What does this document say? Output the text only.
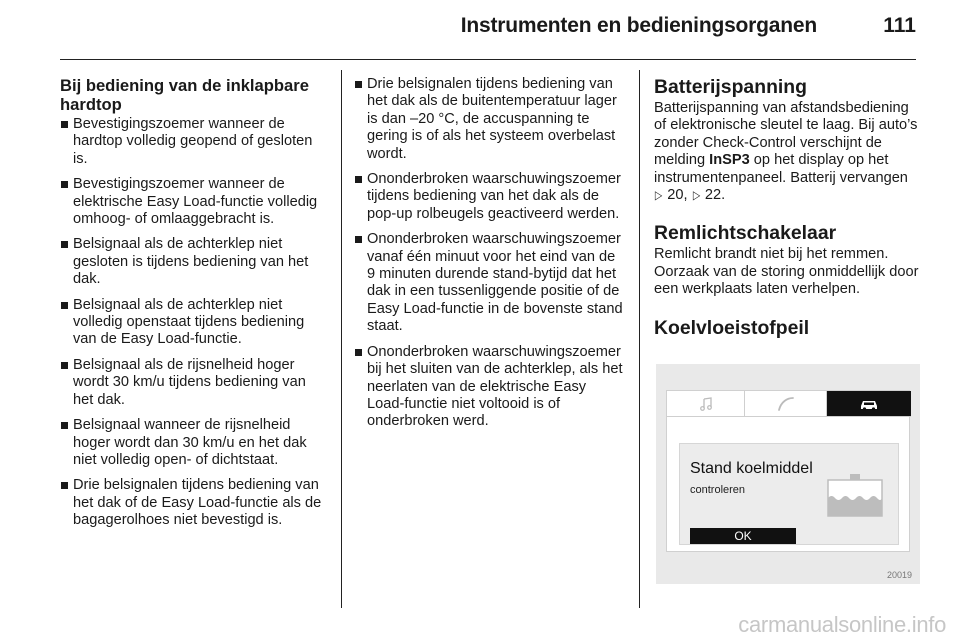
Instrumenten en bedieningsorganen	111
Bij bediening van de inklapbare hardtop
Bevestigingszoemer wanneer de hardtop volledig geopend of gesloten is.
Bevestigingszoemer wanneer de elektrische Easy Load-functie volledig omhoog- of omlaaggebracht is.
Belsignaal als de achterklep niet gesloten is tijdens bediening van het dak.
Belsignaal als de achterklep niet volledig openstaat tijdens bediening van de Easy Load-functie.
Belsignaal als de rijsnelheid hoger wordt 30 km/u tijdens bediening van het dak.
Belsignaal wanneer de rijsnelheid hoger wordt dan 30 km/u en het dak niet volledig open- of dichtstaat.
Drie belsignalen tijdens bediening van het dak of de Easy Load-functie als de bagagerolhoes niet bevestigd is.
Drie belsignalen tijdens bediening van het dak als de buitentemperatuur lager is dan –20 °C, de accuspanning te gering is of als het systeem overbelast wordt.
Ononderbroken waarschuwingszoemer tijdens bediening van het dak als de pop-up rolbeugels geactiveerd werden.
Ononderbroken waarschuwingszoemer vanaf één minuut voor het eind van de 9 minuten durende stand-bytijd dat het dak in een tussenliggende positie of de Easy Load-functie in de bovenste stand staat.
Ononderbroken waarschuwingszoemer bij het sluiten van de achterklep, als het neerlaten van de elektrische Easy Load-functie niet voltooid is of onderbroken werd.
Batterijspanning

Batterijspanning van afstandsbediening of elektronische sleutel te laag. Bij auto’s zonder Check-Control verschijnt de melding InSP3 op het display op het instrumentenpaneel. Batterij vervangen ▷ 20, ▷ 22.

Remlichtschakelaar

Remlicht brandt niet bij het remmen. Oorzaak van de storing onmiddellijk door een werkplaats laten verhelpen.

Koelvloeistofpeil
Stand koelmiddel
controleren
OK
20019
carmanualsonline.info
